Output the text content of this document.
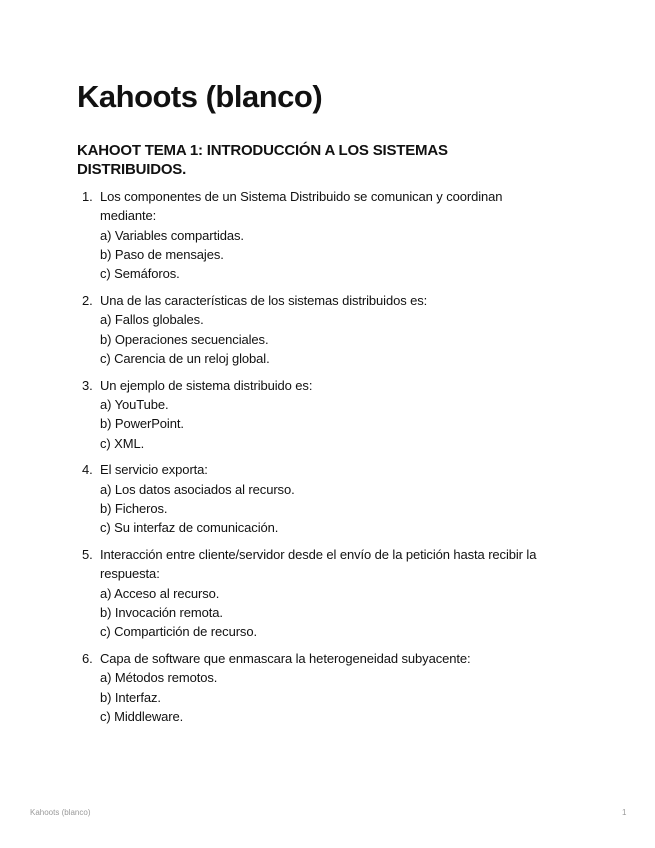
Kahoots (blanco)
KAHOOT TEMA 1: INTRODUCCIÓN A LOS SISTEMAS DISTRIBUIDOS.
1. Los componentes de un Sistema Distribuido se comunican y coordinan
mediante:
a) Variables compartidas.
b) Paso de mensajes.
c) Semáforos.
2. Una de las características de los sistemas distribuidos es:
a) Fallos globales.
b) Operaciones secuenciales.
c) Carencia de un reloj global.
3. Un ejemplo de sistema distribuido es:
a) YouTube.
b) PowerPoint.
c) XML.
4. El servicio exporta:
a) Los datos asociados al recurso.
b) Ficheros.
c) Su interfaz de comunicación.
5. Interacción entre cliente/servidor desde el envío de la petición hasta recibir la
respuesta:
a) Acceso al recurso.
b) Invocación remota.
c) Compartición de recurso.
6. Capa de software que enmascara la heterogeneidad subyacente:
a) Métodos remotos.
b) Interfaz.
c) Middleware.
Kahoots (blanco)	1
